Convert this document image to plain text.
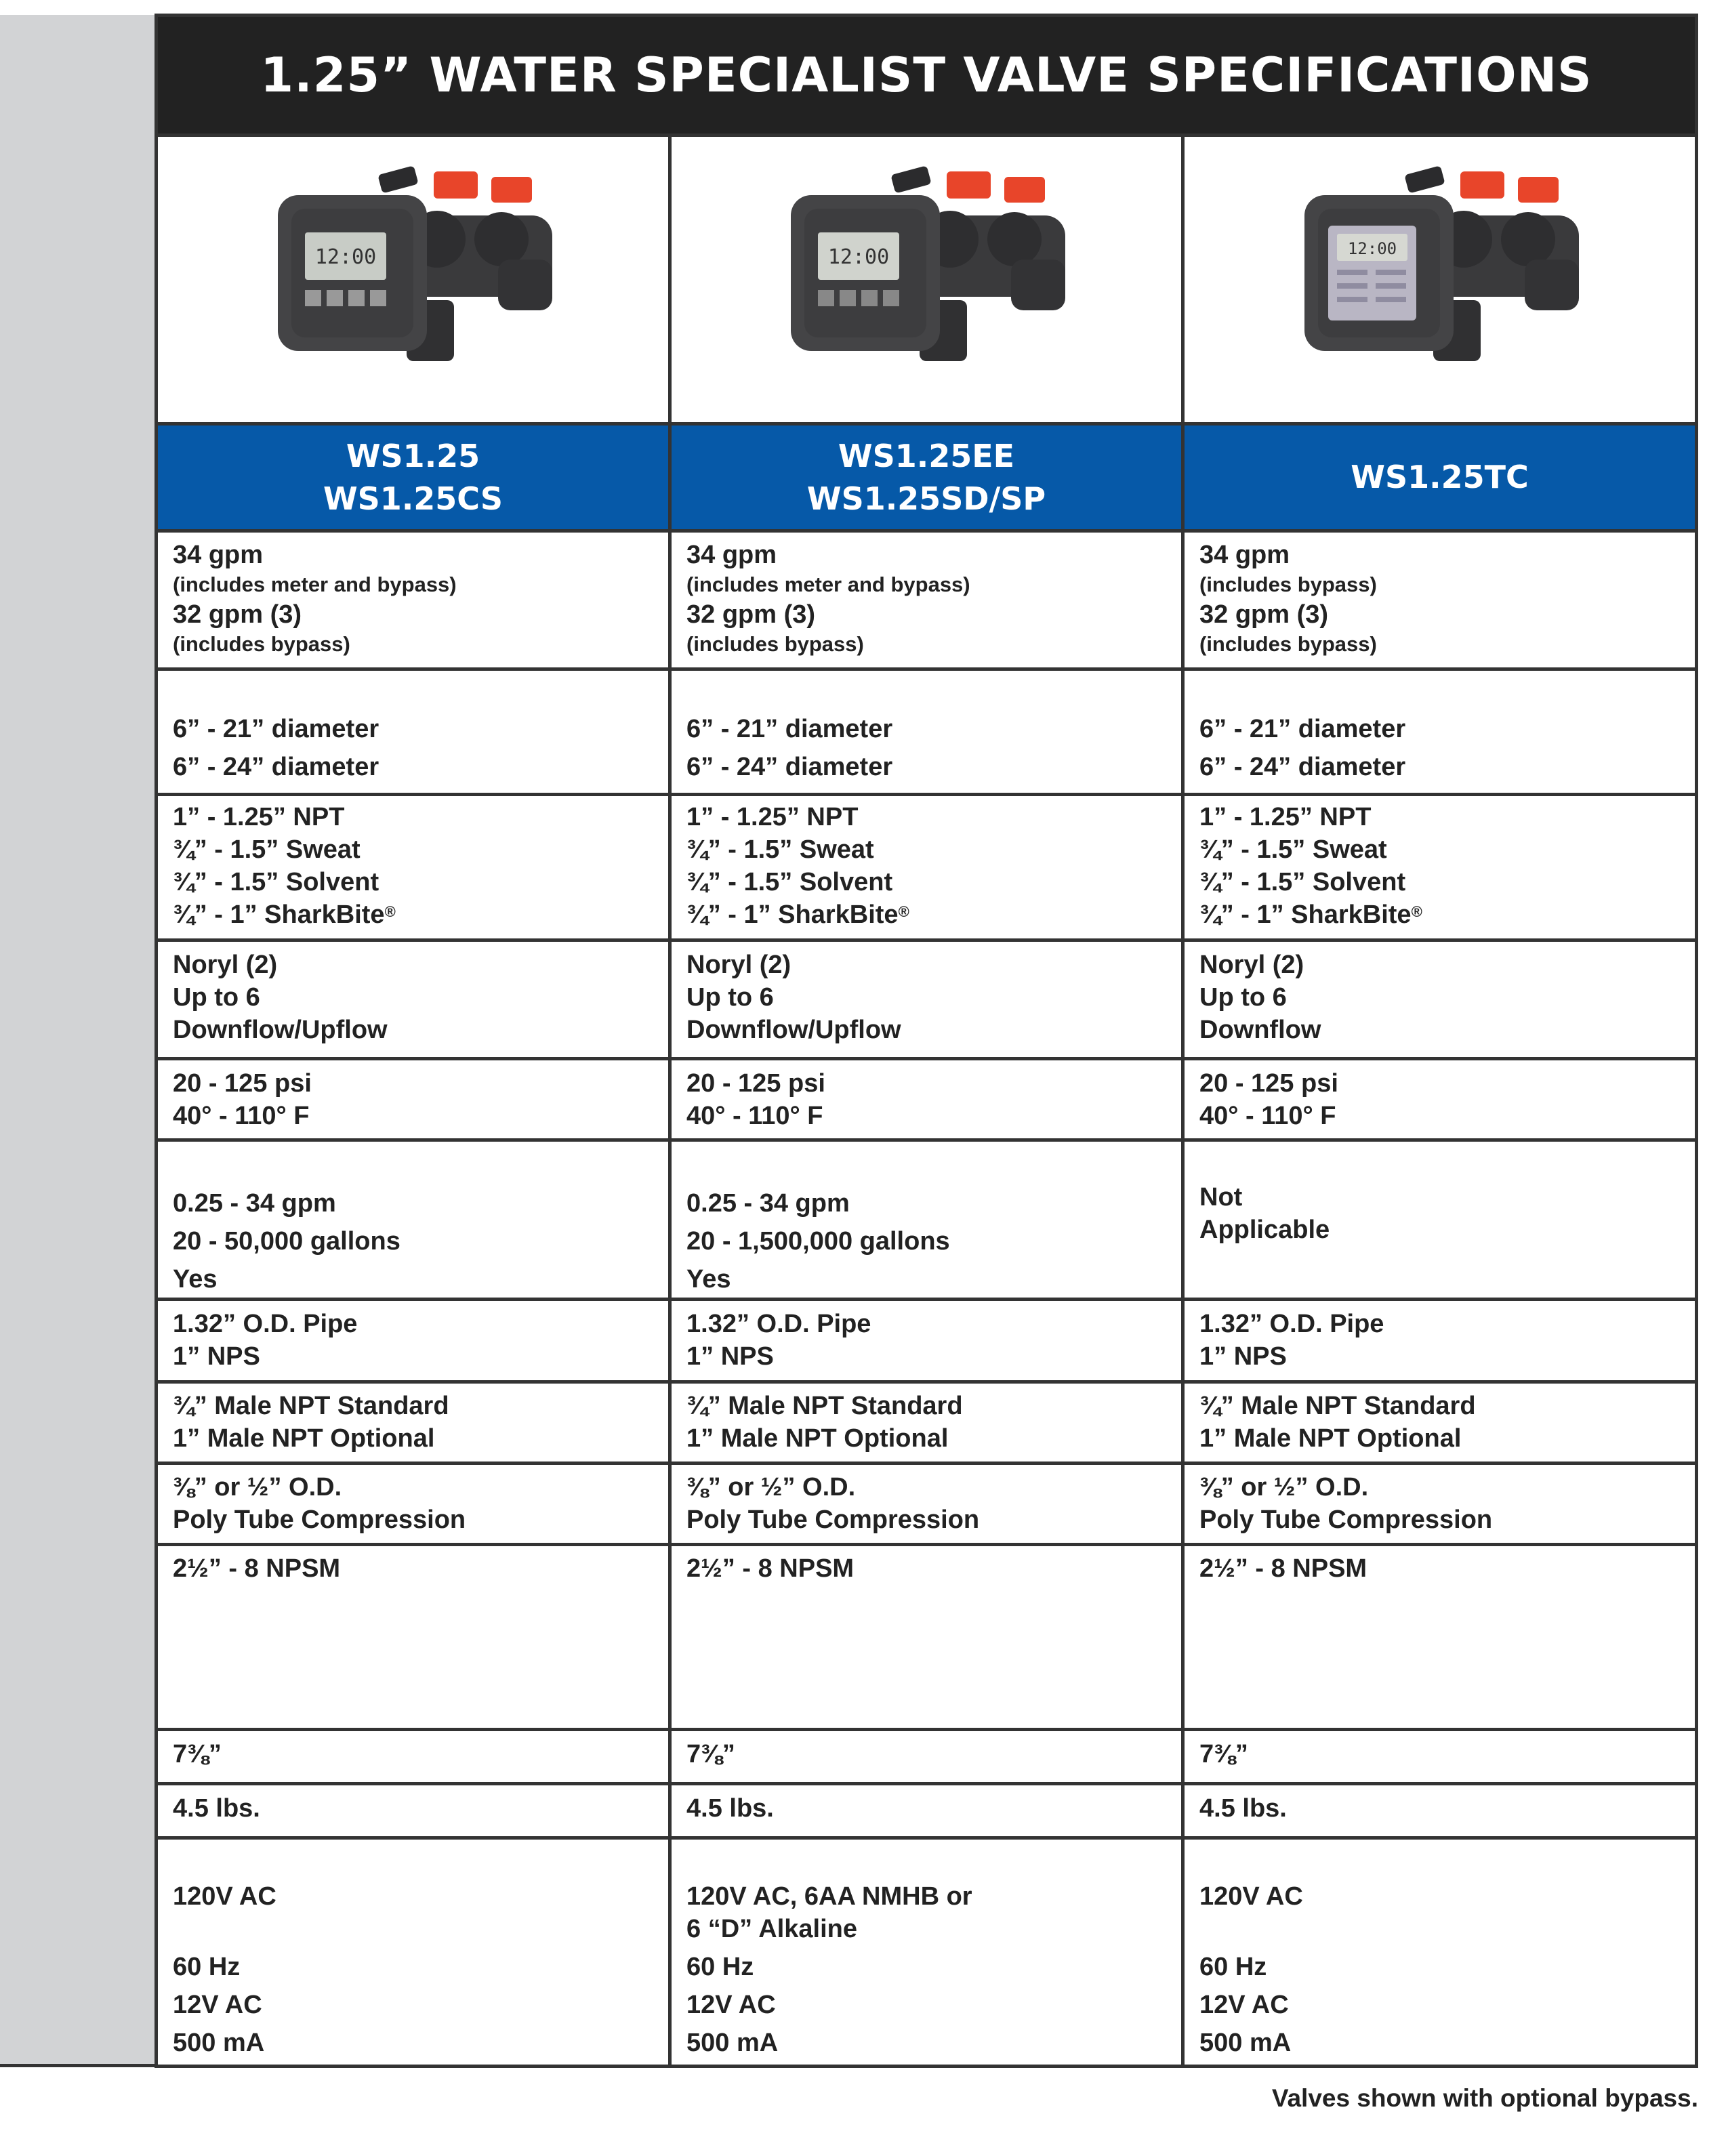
1.25” WATER SPECIALIST VALVE SPECIFICATIONS
12:00	12:00	12:00
WS1.25
WS1.25CS
WS1.25EE
WS1.25SD/SP
WS1.25TC
34 gpm
(includes meter and bypass)
32 gpm (3)
(includes bypass)
6” - 21” diameter
6” - 24” diameter
1” - 1.25” NPT
¾” - 1.5” Sweat
¾” - 1.5” Solvent
¾” - 1” SharkBite®
Noryl (2)
Up to 6
Downflow/Upflow
20 - 125 psi
40° - 110° F
0.25 - 34 gpm
20 - 50,000 gallons
Yes
1.32” O.D. Pipe
1” NPS
¾” Male NPT Standard
1” Male NPT Optional
⅜” or ½” O.D.
Poly Tube Compression
2½” - 8 NPSM
7⅜”
4.5 lbs.
120V AC
60 Hz
12V AC
500 mA
34 gpm
(includes meter and bypass)
32 gpm (3)
(includes bypass)
6” - 21” diameter
6” - 24” diameter
1” - 1.25” NPT
¾” - 1.5” Sweat
¾” - 1.5” Solvent
¾” - 1” SharkBite®
Noryl (2)
Up to 6
Downflow/Upflow
20 - 125 psi
40° - 110° F
0.25 - 34 gpm
20 - 1,500,000 gallons
Yes
1.32” O.D. Pipe
1” NPS
¾” Male NPT Standard
1” Male NPT Optional
⅜” or ½” O.D.
Poly Tube Compression
2½” - 8 NPSM
7⅜”
4.5 lbs.
120V AC, 6AA NMHB or
6 “D” Alkaline
60 Hz
12V AC
500 mA
34 gpm
(includes bypass)
32 gpm (3)
(includes bypass)
6” - 21” diameter
6” - 24” diameter
1” - 1.25” NPT
¾” - 1.5” Sweat
¾” - 1.5” Solvent
¾” - 1” SharkBite®
Noryl (2)
Up to 6
Downflow
20 - 125 psi
40° - 110° F
Not
Applicable
1.32” O.D. Pipe
1” NPS
¾” Male NPT Standard
1” Male NPT Optional
⅜” or ½” O.D.
Poly Tube Compression
2½” - 8 NPSM
7⅜”
4.5 lbs.
120V AC
60 Hz
12V AC
500 mA
Valves shown with optional bypass.
